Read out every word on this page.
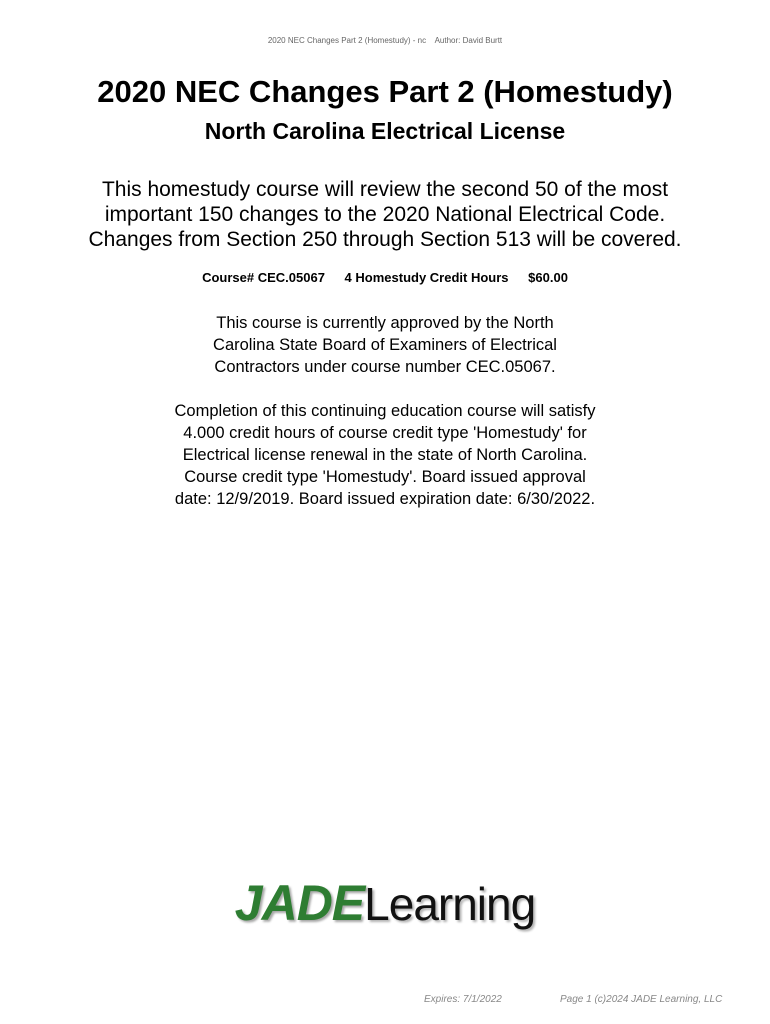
2020 NEC Changes Part 2 (Homestudy) - nc    Author: David Burtt
2020 NEC Changes Part 2 (Homestudy)
North Carolina Electrical License

This homestudy course will review the second 50 of the most important 150 changes to the 2020 National Electrical Code. Changes from Section 250 through Section 513 will be covered.

Course# CEC.05067 4 Homestudy Credit Hours $60.00

This course is currently approved by the North Carolina State Board of Examiners of Electrical Contractors under course number CEC.05067.

Completion of this continuing education course will satisfy 4.000 credit hours of course credit type 'Homestudy' for Electrical license renewal in the state of North Carolina. Course credit type 'Homestudy'. Board issued approval date: 12/9/2019. Board issued expiration date: 6/30/2022.

JADELearning
Expires: 7/1/2022	Page 1 (c)2024 JADE Learning, LLC
